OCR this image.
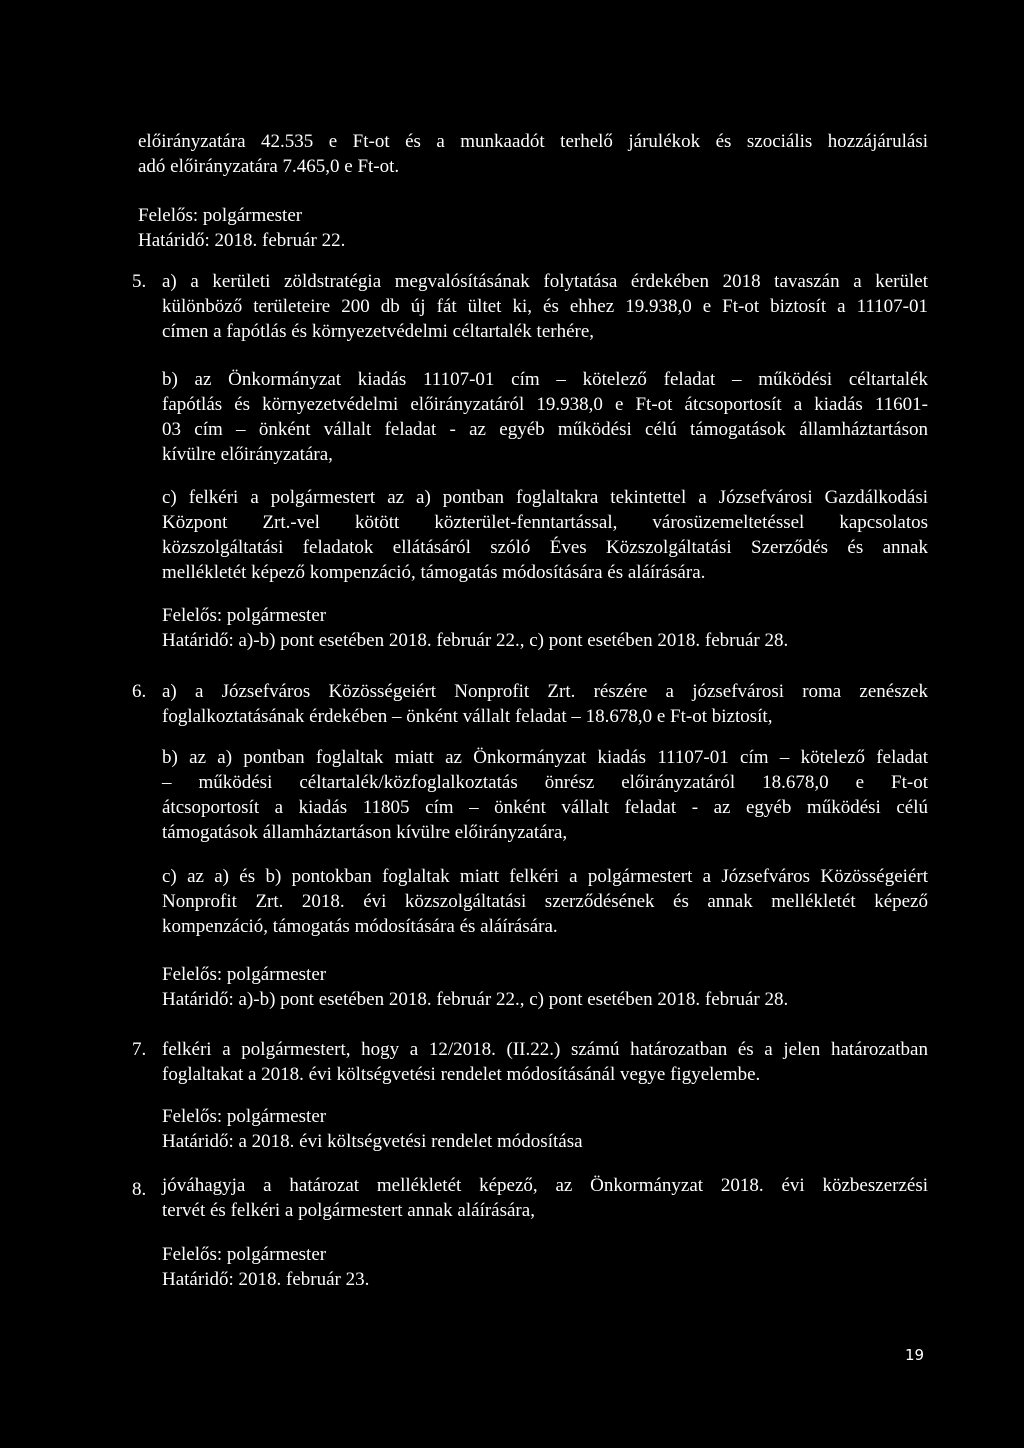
előirányzatára 42.535 e Ft-ot és a munkaadót terhelő járulékok és szociális hozzájárulási
adó előirányzatára 7.465,0 e Ft-ot.
Felelős: polgármester
Határidő: 2018. február 22.
5. a) a kerületi zöldstratégia megvalósításának folytatása érdekében 2018 tavaszán a kerület
különböző területeire 200 db új fát ültet ki, és ehhez 19.938,0 e Ft-ot biztosít a 11107-01
címen a fapótlás és környezetvédelmi céltartalék terhére,
b) az Önkormányzat kiadás 11107-01 cím – kötelező feladat – működési céltartalék
fapótlás és környezetvédelmi előirányzatáról 19.938,0 e Ft-ot átcsoportosít a kiadás 11601-
03 cím – önként vállalt feladat - az egyéb működési célú támogatások államháztartáson
kívülre előirányzatára,
c) felkéri a polgármestert az a) pontban foglaltakra tekintettel a Józsefvárosi Gazdálkodási
Központ Zrt.-vel kötött közterület-fenntartással, városüzemeltetéssel kapcsolatos
közszolgáltatási feladatok ellátásáról szóló Éves Közszolgáltatási Szerződés és annak
mellékletét képező kompenzáció, támogatás módosítására és aláírására.
Felelős: polgármester
Határidő: a)-b) pont esetében 2018. február 22., c) pont esetében 2018. február 28.
6. a) a Józsefváros Közösségeiért Nonprofit Zrt. részére a józsefvárosi roma zenészek
foglalkoztatásának érdekében – önként vállalt feladat – 18.678,0 e Ft-ot biztosít,
b) az a) pontban foglaltak miatt az Önkormányzat kiadás 11107-01 cím – kötelező feladat
– működési céltartalék/közfoglalkoztatás önrész előirányzatáról 18.678,0 e Ft-ot
átcsoportosít a kiadás 11805 cím – önként vállalt feladat - az egyéb működési célú
támogatások államháztartáson kívülre előirányzatára,
c) az a) és b) pontokban foglaltak miatt felkéri a polgármestert a Józsefváros Közösségeiért
Nonprofit Zrt. 2018. évi közszolgáltatási szerződésének és annak mellékletét képező
kompenzáció, támogatás módosítására és aláírására.
Felelős: polgármester
Határidő: a)-b) pont esetében 2018. február 22., c) pont esetében 2018. február 28.
7. felkéri a polgármestert, hogy a 12/2018. (II.22.) számú határozatban és a jelen határozatban
foglaltakat a 2018. évi költségvetési rendelet módosításánál vegye figyelembe.
Felelős: polgármester
Határidő: a 2018. évi költségvetési rendelet módosítása
8. jóváhagyja a határozat mellékletét képező, az Önkormányzat 2018. évi közbeszerzési
tervét és felkéri a polgármestert annak aláírására,
Felelős: polgármester
Határidő: 2018. február 23.
19
